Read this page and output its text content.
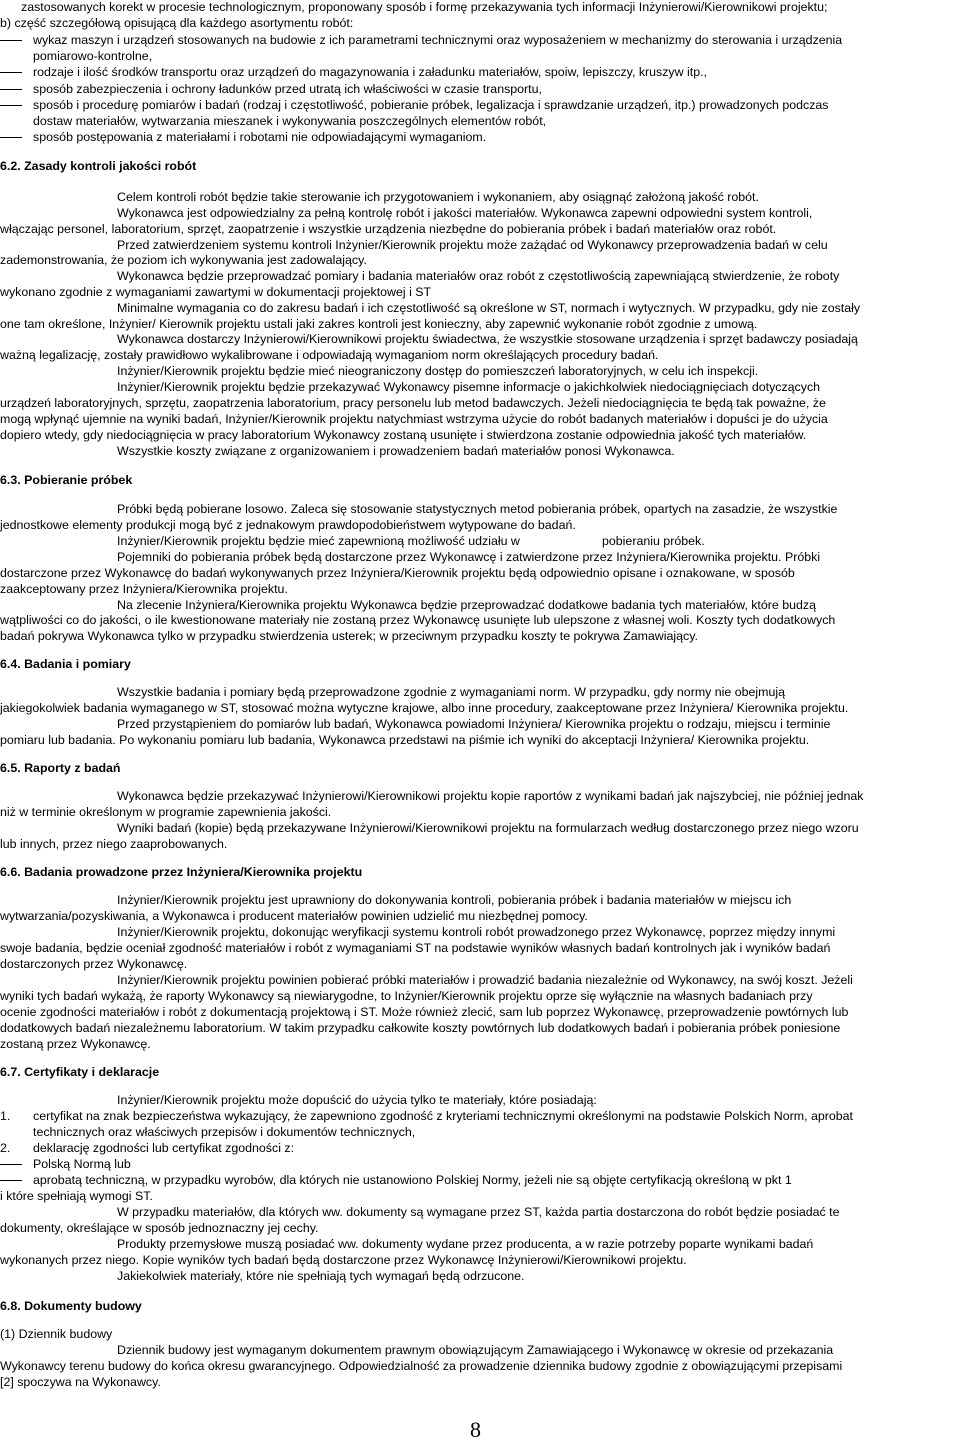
zastosowanych korekt w procesie technologicznym, proponowany sposób i formę przekazywania tych informacji Inżynierowi/Kierownikowi projektu;
b) część szczegółową opisującą dla każdego asortymentu robót:
wykaz maszyn i urządzeń stosowanych na budowie z ich parametrami technicznymi oraz wyposażeniem w mechanizmy do sterowania i urządzenia
pomiarowo-kontrolne,
rodzaje i ilość środków transportu oraz urządzeń do magazynowania i załadunku materiałów, spoiw, lepiszczy, kruszyw itp.,
sposób zabezpieczenia i ochrony ładunków przed utratą ich właściwości w czasie transportu,
sposób i procedurę pomiarów i badań (rodzaj i częstotliwość, pobieranie próbek, legalizacja i sprawdzanie urządzeń, itp.) prowadzonych podczas
dostaw materiałów, wytwarzania mieszanek i wykonywania poszczególnych elementów robót,
sposób postępowania z materiałami i robotami nie odpowiadającymi wymaganiom.
6.2. Zasady kontroli jakości robót
Celem kontroli robót będzie takie sterowanie ich przygotowaniem i wykonaniem, aby osiągnąć założoną jakość robót.
Wykonawca jest odpowiedzialny za pełną kontrolę robót i jakości materiałów. Wykonawca zapewni odpowiedni system kontroli,
włączając personel, laboratorium, sprzęt, zaopatrzenie i wszystkie urządzenia niezbędne do pobierania próbek i badań materiałów oraz robót.
Przed zatwierdzeniem systemu kontroli Inżynier/Kierownik projektu może zażądać od Wykonawcy przeprowadzenia badań w celu
zademonstrowania, że poziom ich wykonywania jest zadowalający.
Wykonawca będzie przeprowadzać pomiary i badania materiałów oraz robót z częstotliwością zapewniającą stwierdzenie, że roboty
wykonano zgodnie z wymaganiami zawartymi w dokumentacji projektowej i ST
Minimalne wymagania co do zakresu badań i ich częstotliwość są określone w ST, normach i wytycznych. W przypadku, gdy nie zostały
one tam określone, Inżynier/ Kierownik projektu ustali jaki zakres kontroli jest konieczny, aby zapewnić wykonanie robót zgodnie z umową.
Wykonawca dostarczy Inżynierowi/Kierownikowi projektu świadectwa, że wszystkie stosowane urządzenia i sprzęt badawczy posiadają
ważną legalizację, zostały prawidłowo wykalibrowane i odpowiadają wymaganiom norm określających procedury badań.
Inżynier/Kierownik projektu będzie mieć nieograniczony dostęp do pomieszczeń laboratoryjnych, w celu ich inspekcji.
Inżynier/Kierownik projektu będzie przekazywać Wykonawcy pisemne informacje o jakichkolwiek niedociągnięciach dotyczących
urządzeń laboratoryjnych, sprzętu, zaopatrzenia laboratorium, pracy personelu lub metod badawczych. Jeżeli niedociągnięcia te będą tak poważne, że
mogą wpłynąć ujemnie na wyniki badań, Inżynier/Kierownik projektu natychmiast wstrzyma użycie do robót badanych materiałów i dopuści je do użycia
dopiero wtedy, gdy niedociągnięcia w pracy laboratorium Wykonawcy zostaną usunięte i stwierdzona zostanie odpowiednia jakość tych materiałów.
Wszystkie koszty związane z organizowaniem i prowadzeniem badań materiałów ponosi Wykonawca.
6.3. Pobieranie próbek
Próbki będą pobierane losowo. Zaleca się stosowanie statystycznych metod pobierania próbek, opartych na zasadzie, że wszystkie
jednostkowe elementy produkcji mogą być z jednakowym prawdopodobieństwem wytypowane do badań.
Inżynier/Kierownik projektu będzie mieć zapewnioną możliwość udziału w	pobieraniu próbek.
Pojemniki do pobierania próbek będą dostarczone przez Wykonawcę i zatwierdzone przez Inżyniera/Kierownika projektu. Próbki
dostarczone przez Wykonawcę do badań wykonywanych przez Inżyniera/Kierownik projektu będą odpowiednio opisane i oznakowane, w sposób
zaakceptowany przez Inżyniera/Kierownika projektu.
Na zlecenie Inżyniera/Kierownika projektu Wykonawca będzie przeprowadzać dodatkowe badania tych materiałów, które budzą
wątpliwości co do jakości, o ile kwestionowane materiały nie zostaną przez Wykonawcę usunięte lub ulepszone z własnej woli. Koszty tych dodatkowych
badań pokrywa Wykonawca tylko w przypadku stwierdzenia usterek; w przeciwnym przypadku koszty te pokrywa Zamawiający.
6.4. Badania i pomiary
Wszystkie badania i pomiary będą przeprowadzone zgodnie z wymaganiami norm. W przypadku, gdy normy nie obejmują
jakiegokolwiek badania wymaganego w ST, stosować można wytyczne krajowe, albo inne procedury, zaakceptowane przez Inżyniera/ Kierownika projektu.
Przed przystąpieniem do pomiarów lub badań, Wykonawca powiadomi Inżyniera/ Kierownika projektu o rodzaju, miejscu i terminie
pomiaru lub badania. Po wykonaniu pomiaru lub badania, Wykonawca przedstawi na piśmie ich wyniki do akceptacji Inżyniera/ Kierownika projektu.
6.5. Raporty z badań
Wykonawca będzie przekazywać Inżynierowi/Kierownikowi projektu kopie raportów z wynikami badań jak najszybciej, nie później jednak
niż w terminie określonym w programie zapewnienia jakości.
Wyniki badań (kopie) będą przekazywane Inżynierowi/Kierownikowi projektu na formularzach według dostarczonego przez niego wzoru
lub innych, przez niego zaaprobowanych.
6.6. Badania prowadzone przez Inżyniera/Kierownika projektu
Inżynier/Kierownik projektu jest uprawniony do dokonywania kontroli, pobierania próbek i badania materiałów w miejscu ich
wytwarzania/pozyskiwania, a Wykonawca i producent materiałów powinien udzielić mu niezbędnej pomocy.
Inżynier/Kierownik projektu, dokonując weryfikacji systemu kontroli robót prowadzonego przez Wykonawcę, poprzez między innymi
swoje badania, będzie oceniał zgodność materiałów i robót z wymaganiami ST na podstawie wyników własnych badań kontrolnych jak i wyników badań
dostarczonych przez Wykonawcę.
Inżynier/Kierownik projektu powinien pobierać próbki materiałów i prowadzić badania niezależnie od Wykonawcy, na swój koszt. Jeżeli
wyniki tych badań wykażą, że raporty Wykonawcy są niewiarygodne, to Inżynier/Kierownik projektu oprze się wyłącznie na własnych badaniach przy
ocenie zgodności materiałów i robót z dokumentacją projektową i ST. Może również zlecić, sam lub poprzez Wykonawcę, przeprowadzenie powtórnych lub
dodatkowych badań niezależnemu laboratorium. W takim przypadku całkowite koszty powtórnych lub dodatkowych badań i pobierania próbek poniesione
zostaną przez Wykonawcę.
6.7. Certyfikaty i deklaracje
Inżynier/Kierownik projektu może dopuścić do użycia tylko te materiały, które posiadają:
1. certyfikat na znak bezpieczeństwa wykazujący, że zapewniono zgodność z kryteriami technicznymi określonymi na podstawie Polskich Norm, aprobat
technicznych oraz właściwych przepisów i dokumentów technicznych,
2. deklarację zgodności lub certyfikat zgodności z:
Polską Normą lub
aprobatą techniczną, w przypadku wyrobów, dla których nie ustanowiono Polskiej Normy, jeżeli nie są objęte certyfikacją określoną w pkt 1
i które spełniają wymogi ST.
W przypadku materiałów, dla których ww. dokumenty są wymagane przez ST, każda partia dostarczona do robót będzie posiadać te
dokumenty, określające w sposób jednoznaczny jej cechy.
Produkty przemysłowe muszą posiadać ww. dokumenty wydane przez producenta, a w razie potrzeby poparte wynikami badań
wykonanych przez niego. Kopie wyników tych badań będą dostarczone przez Wykonawcę Inżynierowi/Kierownikowi projektu.
Jakiekolwiek materiały, które nie spełniają tych wymagań będą odrzucone.
6.8. Dokumenty budowy
(1) Dziennik budowy
Dziennik budowy jest wymaganym dokumentem prawnym obowiązującym Zamawiającego i Wykonawcę w okresie od przekazania
Wykonawcy terenu budowy do końca okresu gwarancyjnego. Odpowiedzialność za prowadzenie dziennika budowy zgodnie z obowiązującymi przepisami
[2] spoczywa na Wykonawcy.
8
